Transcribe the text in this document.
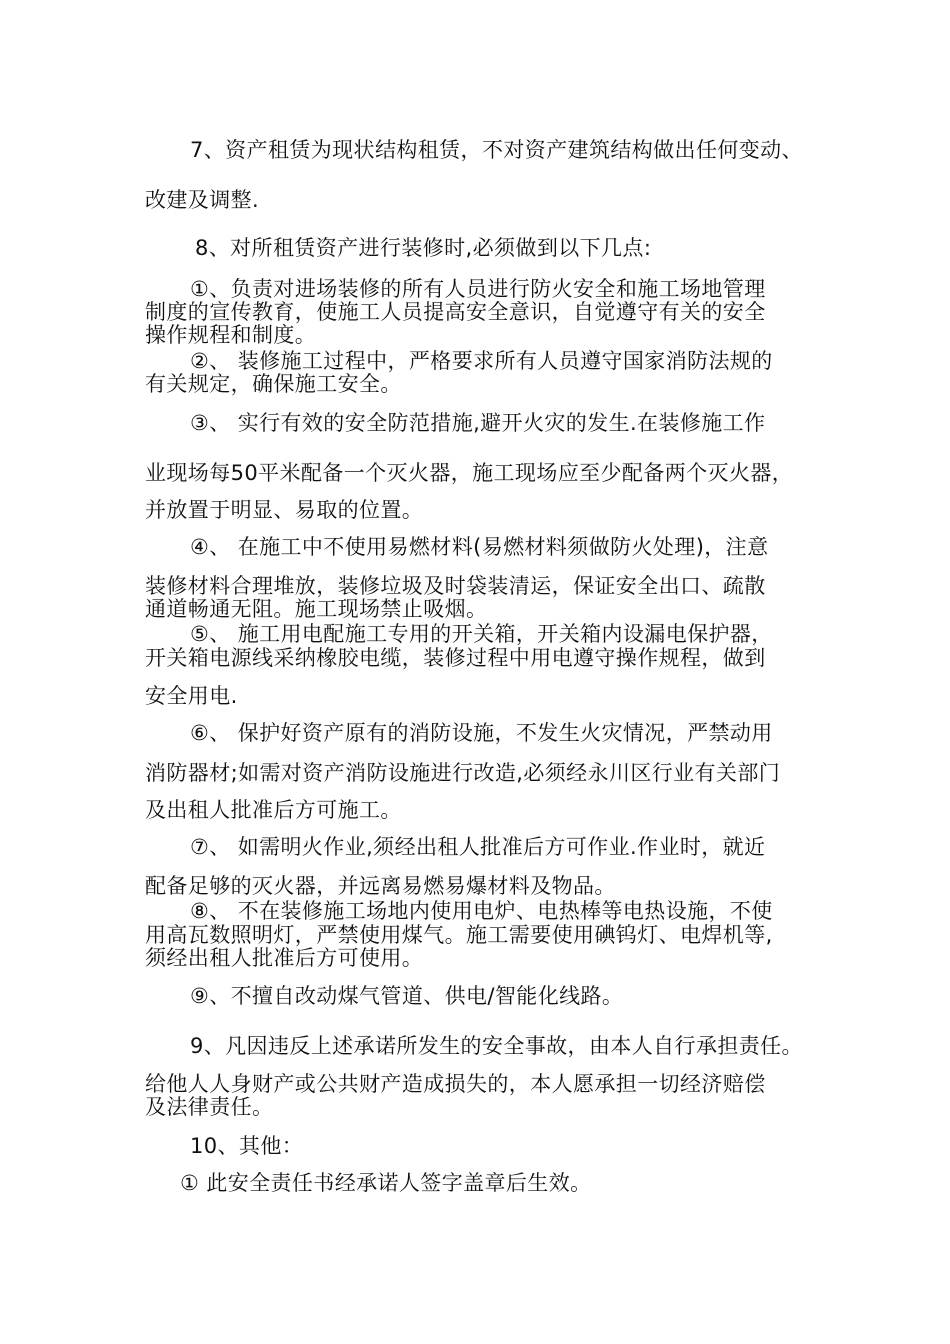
7、资产租赁为现状结构租赁，不对资产建筑结构做出任何变动、
改建及调整.
8、对所租赁资产进行装修时,必须做到以下几点:
①、负责对进场装修的所有人员进行防火安全和施工场地管理
制度的宣传教育，使施工人员提高安全意识，自觉遵守有关的安全
操作规程和制度。
②、 装修施工过程中，严格要求所有人员遵守国家消防法规的
有关规定，确保施工安全。
③、 实行有效的安全防范措施,避开火灾的发生.在装修施工作
业现场每50平米配备一个灭火器，施工现场应至少配备两个灭火器，
并放置于明显、易取的位置。
④、 在施工中不使用易燃材料(易燃材料须做防火处理)，注意
装修材料合理堆放，装修垃圾及时袋装清运，保证安全出口、疏散
通道畅通无阻。施工现场禁止吸烟。
⑤、 施工用电配施工专用的开关箱，开关箱内设漏电保护器，
开关箱电源线采纳橡胶电缆，装修过程中用电遵守操作规程，做到
安全用电.
⑥、 保护好资产原有的消防设施，不发生火灾情况，严禁动用
消防器材;如需对资产消防设施进行改造,必须经永川区行业有关部门
及出租人批准后方可施工。
⑦、 如需明火作业,须经出租人批准后方可作业.作业时，就近
配备足够的灭火器，并远离易燃易爆材料及物品。
⑧、 不在装修施工场地内使用电炉、电热棒等电热设施，不使
用高瓦数照明灯，严禁使用煤气。施工需要使用碘钨灯、电焊机等,
须经出租人批准后方可使用。
⑨、不擅自改动煤气管道、供电/智能化线路。
9、凡因违反上述承诺所发生的安全事故，由本人自行承担责任。
给他人人身财产或公共财产造成损失的，本人愿承担一切经济赔偿
及法律责任。
10、其他：
① 此安全责任书经承诺人签字盖章后生效。
